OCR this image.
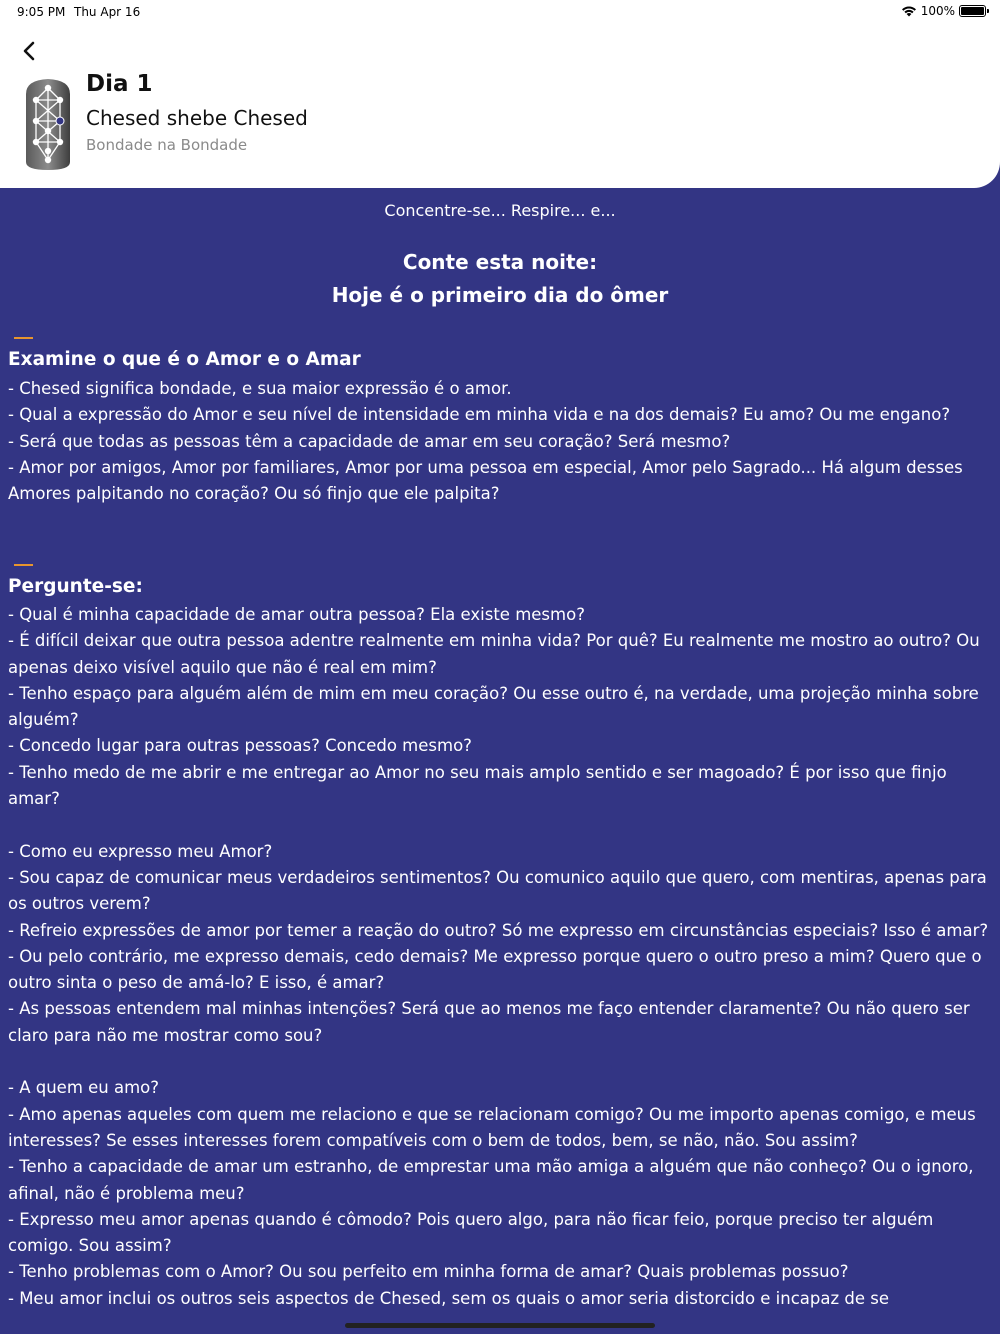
9:05 PM Thu Apr 16	100%
Dia 1
Chesed shebe Chesed
Bondade na Bondade
Concentre-se... Respire... e...
Conte esta noite:
Hoje é o primeiro dia do ômer
Examine o que é o Amor e o Amar
- Chesed significa bondade, e sua maior expressão é o amor.
- Qual a expressão do Amor e seu nível de intensidade em minha vida e na dos demais? Eu amo? Ou me engano?
- Será que todas as pessoas têm a capacidade de amar em seu coração? Será mesmo?
- Amor por amigos, Amor por familiares, Amor por uma pessoa em especial, Amor pelo Sagrado... Há algum desses Amores palpitando no coração? Ou só finjo que ele palpita?
Pergunte-se:
- Qual é minha capacidade de amar outra pessoa? Ela existe mesmo?
- É difícil deixar que outra pessoa adentre realmente em minha vida? Por quê? Eu realmente me mostro ao outro? Ou apenas deixo visível aquilo que não é real em mim?
- Tenho espaço para alguém além de mim em meu coração? Ou esse outro é, na verdade, uma projeção minha sobre alguém?
- Concedo lugar para outras pessoas? Concedo mesmo?
- Tenho medo de me abrir e me entregar ao Amor no seu mais amplo sentido e ser magoado? É por isso que finjo amar?

- Como eu expresso meu Amor?
- Sou capaz de comunicar meus verdadeiros sentimentos? Ou comunico aquilo que quero, com mentiras, apenas para os outros verem?
- Refreio expressões de amor por temer a reação do outro? Só me expresso em circunstâncias especiais? Isso é amar?
- Ou pelo contrário, me expresso demais, cedo demais? Me expresso porque quero o outro preso a mim? Quero que o outro sinta o peso de amá-lo? E isso, é amar?
- As pessoas entendem mal minhas intenções? Será que ao menos me faço entender claramente? Ou não quero ser claro para não me mostrar como sou?

- A quem eu amo?
- Amo apenas aqueles com quem me relaciono e que se relacionam comigo? Ou me importo apenas comigo, e meus interesses? Se esses interesses forem compatíveis com o bem de todos, bem, se não, não. Sou assim?
- Tenho a capacidade de amar um estranho, de emprestar uma mão amiga a alguém que não conheço? Ou o ignoro, afinal, não é problema meu?
- Expresso meu amor apenas quando é cômodo? Pois quero algo, para não ficar feio, porque preciso ter alguém comigo. Sou assim?
- Tenho problemas com o Amor? Ou sou perfeito em minha forma de amar? Quais problemas possuo?
- Meu amor inclui os outros seis aspectos de Chesed, sem os quais o amor seria distorcido e incapaz de se
